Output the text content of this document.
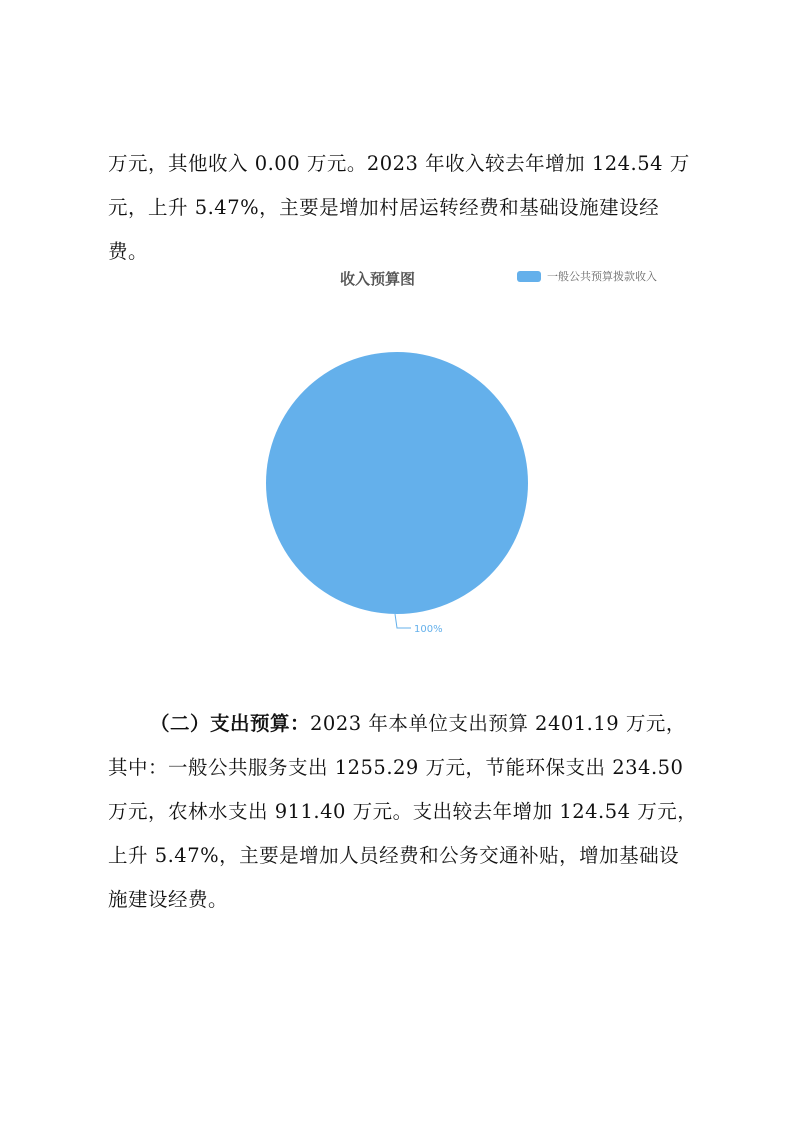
万元，其他收入 0.00 万元。2023 年收入较去年增加 124.54 万
元，上升 5.47%，主要是增加村居运转经费和基础设施建设经
费。
收入预算图	一般公共预算拨款收入
100%
（二）支出预算：2023 年本单位支出预算 2401.19 万元，
其中：一般公共服务支出 1255.29 万元，节能环保支出 234.50
万元，农林水支出 911.40 万元。支出较去年增加 124.54 万元，
上升 5.47%，主要是增加人员经费和公务交通补贴，增加基础设
施建设经费。
